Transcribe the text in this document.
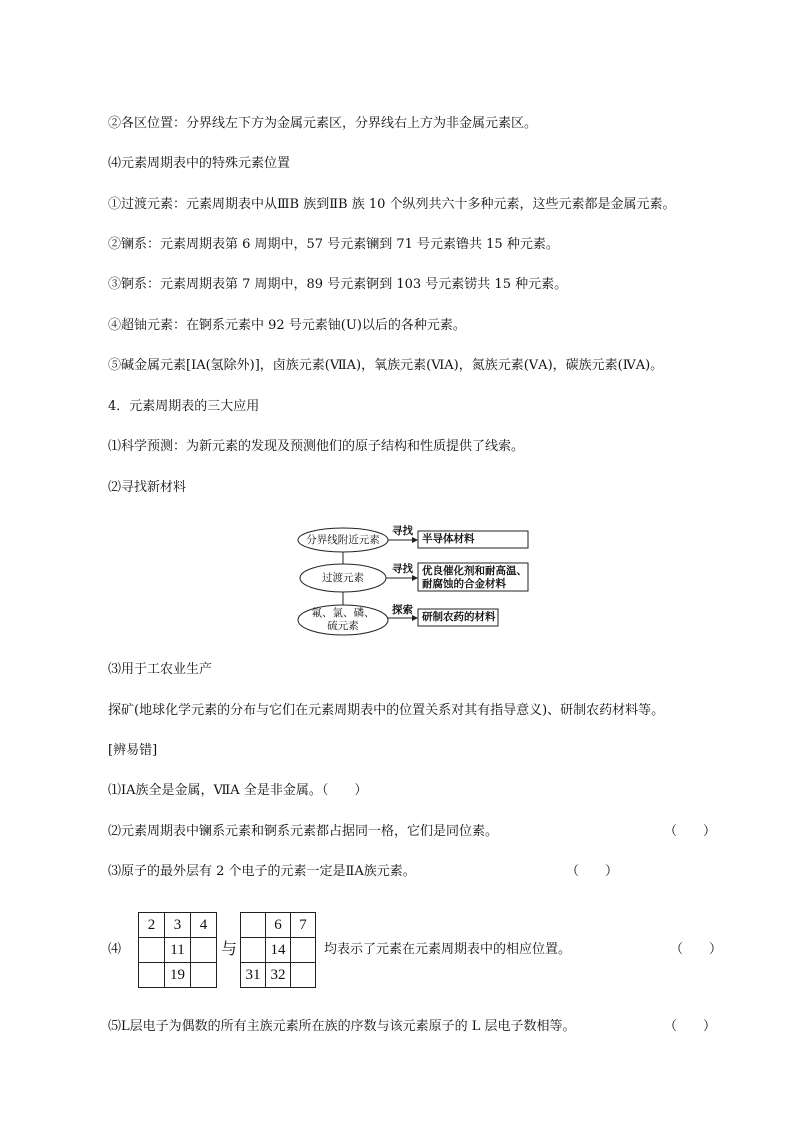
②各区位置：分界线左下方为金属元素区，分界线右上方为非金属元素区。
⑷元素周期表中的特殊元素位置
①过渡元素：元素周期表中从ⅢB 族到ⅡB 族 10 个纵列共六十多种元素，这些元素都是金属元素。
②镧系：元素周期表第 6 周期中，57 号元素镧到 71 号元素镥共 15 种元素。
③锕系：元素周期表第 7 周期中，89 号元素锕到 103 号元素铹共 15 种元素。
④超铀元素：在锕系元素中 92 号元素铀(U)以后的各种元素。
⑤碱金属元素[ⅠA(氢除外)]，卤族元素(ⅦA)，氧族元素(ⅥA)，氮族元素(ⅤA)，碳族元素(ⅣA)。
4．元素周期表的三大应用
⑴科学预测：为新元素的发现及预测他们的原子结构和性质提供了线索。
⑵寻找新材料
分界线附近元素
过渡元素
氟、氯、磷、
硫元素
寻找
寻找
探索
半导体材料
优良催化剂和耐高温、
耐腐蚀的合金材料
研制农药的材料
⑶用于工农业生产
探矿(地球化学元素的分布与它们在元素周期表中的位置关系对其有指导意义)、研制农药材料等。
[辨易错]
⑴ⅠA族全是金属，ⅦA 全是非金属。（　　）
⑵元素周期表中镧系元素和锕系元素都占据同一格，它们是同位素。	（　　）
⑶原子的最外层有 2 个电子的元素一定是ⅡA族元素。	（　　）
⑷
2	3	4
	11	
	19	
与
	6	7
	14	
31	32	
均表示了元素在元素周期表中的相应位置。	（　　）
⑸L层电子为偶数的所有主族元素所在族的序数与该元素原子的 L 层电子数相等。	（　　）
